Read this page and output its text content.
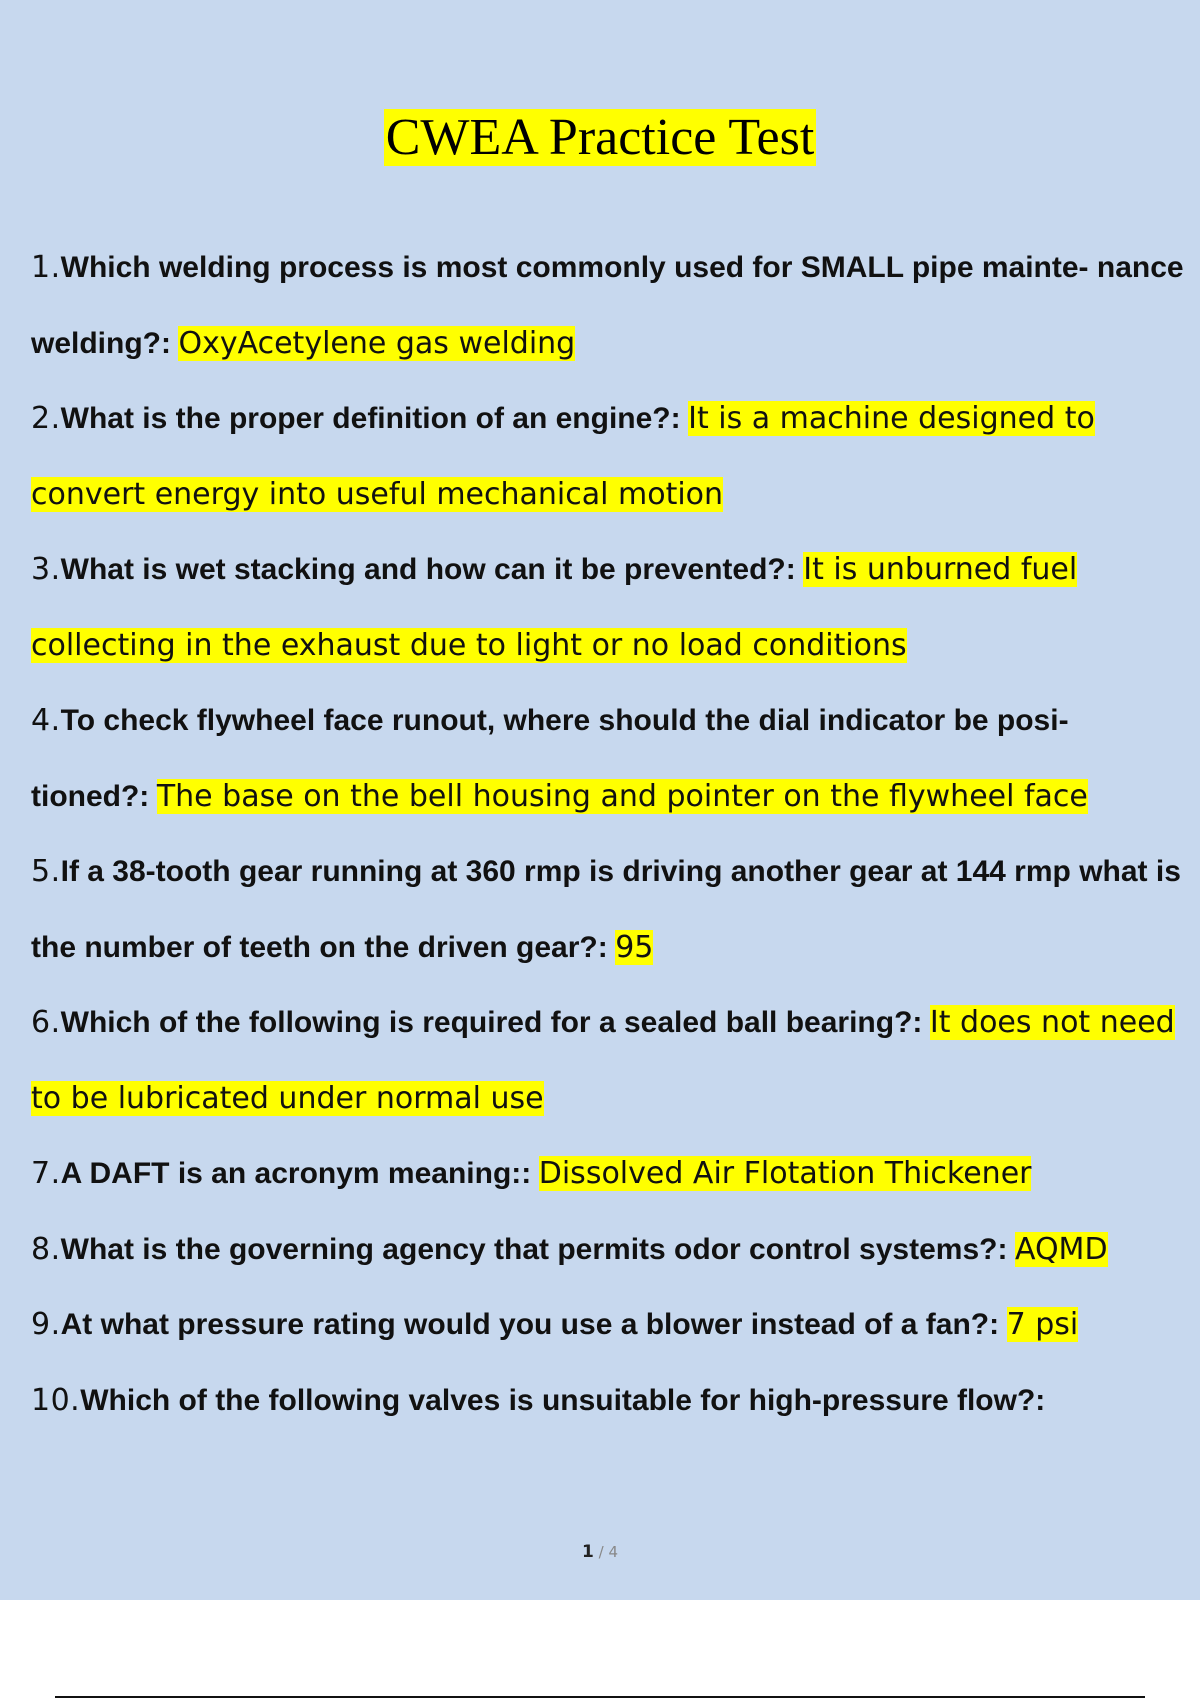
CWEA Practice Test
1.Which welding process is most commonly used for SMALL pipe mainte- nance welding?: OxyAcetylene gas welding
2.What is the proper definition of an engine?: It is a machine designed to convert energy into useful mechanical motion
3.What is wet stacking and how can it be prevented?: It is unburned fuel collecting in the exhaust due to light or no load conditions
4.To check flywheel face runout, where should the dial indicator be posi- tioned?: The base on the bell housing and pointer on the flywheel face
5.If a 38-tooth gear running at 360 rmp is driving another gear at 144 rmp what is the number of teeth on the driven gear?: 95
6.Which of the following is required for a sealed ball bearing?: It does not need to be lubricated under normal use
7.A DAFT is an acronym meaning:: Dissolved Air Flotation Thickener
8.What is the governing agency that permits odor control systems?: AQMD
9.At what pressure rating would you use a blower instead of a fan?: 7 psi
10.Which of the following valves is unsuitable for high-pressure flow?:
1 / 4
